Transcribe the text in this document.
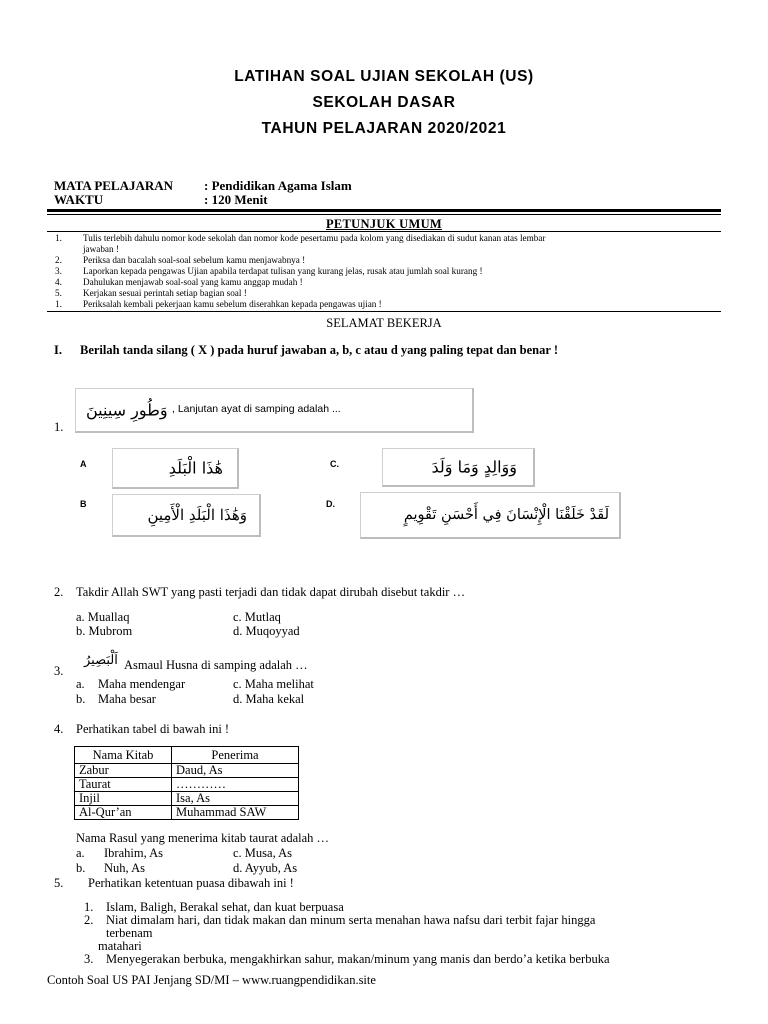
LATIHAN SOAL UJIAN SEKOLAH (US)
SEKOLAH DASAR
TAHUN PELAJARAN 2020/2021
MATA PELAJARAN : Pendidikan Agama Islam
WAKTU	: 120 Menit
PETUNJUK UMUM
1. Tulis terlebih dahulu nomor kode sekolah dan nomor kode pesertamu pada kolom yang disediakan di sudut kanan atas lembar
jawaban !
2. Periksa dan bacalah soal-soal sebelum kamu menjawabnya !
3. Laporkan kepada pengawas Ujian apabila terdapat tulisan yang kurang jelas, rusak atau jumlah soal kurang !
4. Dahulukan menjawab soal-soal yang kamu anggap mudah !
5. Kerjakan sesuai perintah setiap bagian soal !
1. Periksalah kembali pekerjaan kamu sebelum diserahkan kepada pengawas ujian !
SELAMAT BEKERJA
I. Berilah tanda silang ( X ) pada huruf jawaban a, b, c atau d yang paling tepat dan benar !
1.
وَطُورِ سِينِينَ , Lanjutan ayat di samping adalah ...
A	هَٰذَا الْبَلَدِ	C.	وَوَالِدٍ وَمَا وَلَدَ
B
وَهَٰذَا الْبَلَدِ الْأَمِينِ
D.
لَقَدْ خَلَقْنَا الْإِنْسَانَ فِي أَحْسَنِ تَقْوِيمٍ
2. Takdir Allah SWT yang pasti terjadi dan tidak dapat dirubah disebut takdir …
a. Muallaq
b. Mubrom
c. Mutlaq
d. Muqoyyad
3.
اَلْبَصِيرُ Asmaul Husna di samping adalah …
a. Maha mendengar
b. Maha besar
c. Maha melihat
d. Maha kekal
4. Perhatikan tabel di bawah ini !
Nama Kitab	Penerima
Zabur	Daud, As
Taurat	…………
Injil	Isa, As
Al-Qur’an	Muhammad SAW
Nama Rasul yang menerima kitab taurat adalah …
a. Ibrahim, As
b. Nuh, As
c. Musa, As
d. Ayyub, As
5. Perhatikan ketentuan puasa dibawah ini !
1. Islam, Baligh, Berakal sehat, dan kuat berpuasa
2. Niat dimalam hari, dan tidak makan dan minum serta menahan hawa nafsu dari terbit fajar hingga
terbenam
matahari
3. Menyegerakan berbuka, mengakhirkan sahur, makan/minum yang manis dan berdo’a ketika berbuka
Contoh Soal US PAI Jenjang SD/MI – www.ruangpendidikan.site
